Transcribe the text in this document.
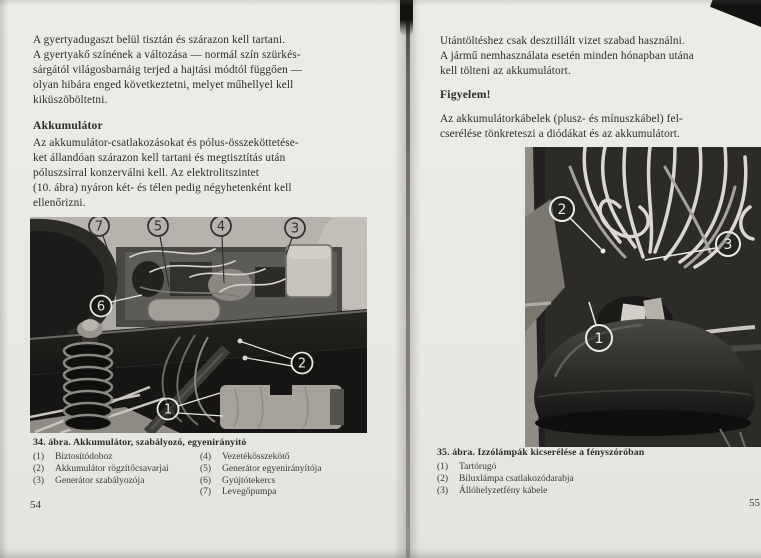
A gyertyadugaszt belül tisztán és szárazon kell tartani.
A gyertyakő színének a változása — normál szín szürkés-
sárgától világosbarnáig terjed a hajtási módtól függően —
olyan hibára enged következtetni, melyet műhellyel kell
kiküszöböltetni.
Akkumulátor
Az akkumulátor-csatlakozásokat és pólus-összeköttetése-
ket állandóan szárazon kell tartani és megtisztítás után
póluszsírral konzerválni kell. Az elektrolitszintet
(10. ábra) nyáron két- és télen pedig négyhetenként kell
ellenőrizni.
7	5	4	3
6
2
1
34. ábra. Akkumulátor, szabályozó, egyenirányító
(1)	Biztosítódoboz
(2)	Akkumulátor rögzítőcsavarjai
(3)	Generátor szabályozója
(4)	Vezetékösszekötő
(5)	Generátor egyenirányítója
(6)	Gyújtótekercs
(7)	Levegőpumpa
54
Utántöltéshez csak desztillált vizet szabad használni.
A jármű nemhasználata esetén minden hónapban utána
kell tölteni az akkumulátort.
Figyelem!
Az akkumulátorkábelek (plusz- és mínuszkábel) fel-
cserélése tönkreteszi a diódákat és az akkumulátort.
2
3
1
35. ábra. Izzólámpák kicserélése a fényszóróban
(1)	Tartórugó
(2)	Biluxlámpa csatlakozódarabja
(3)	Állóhelyzetfény kábele
55
